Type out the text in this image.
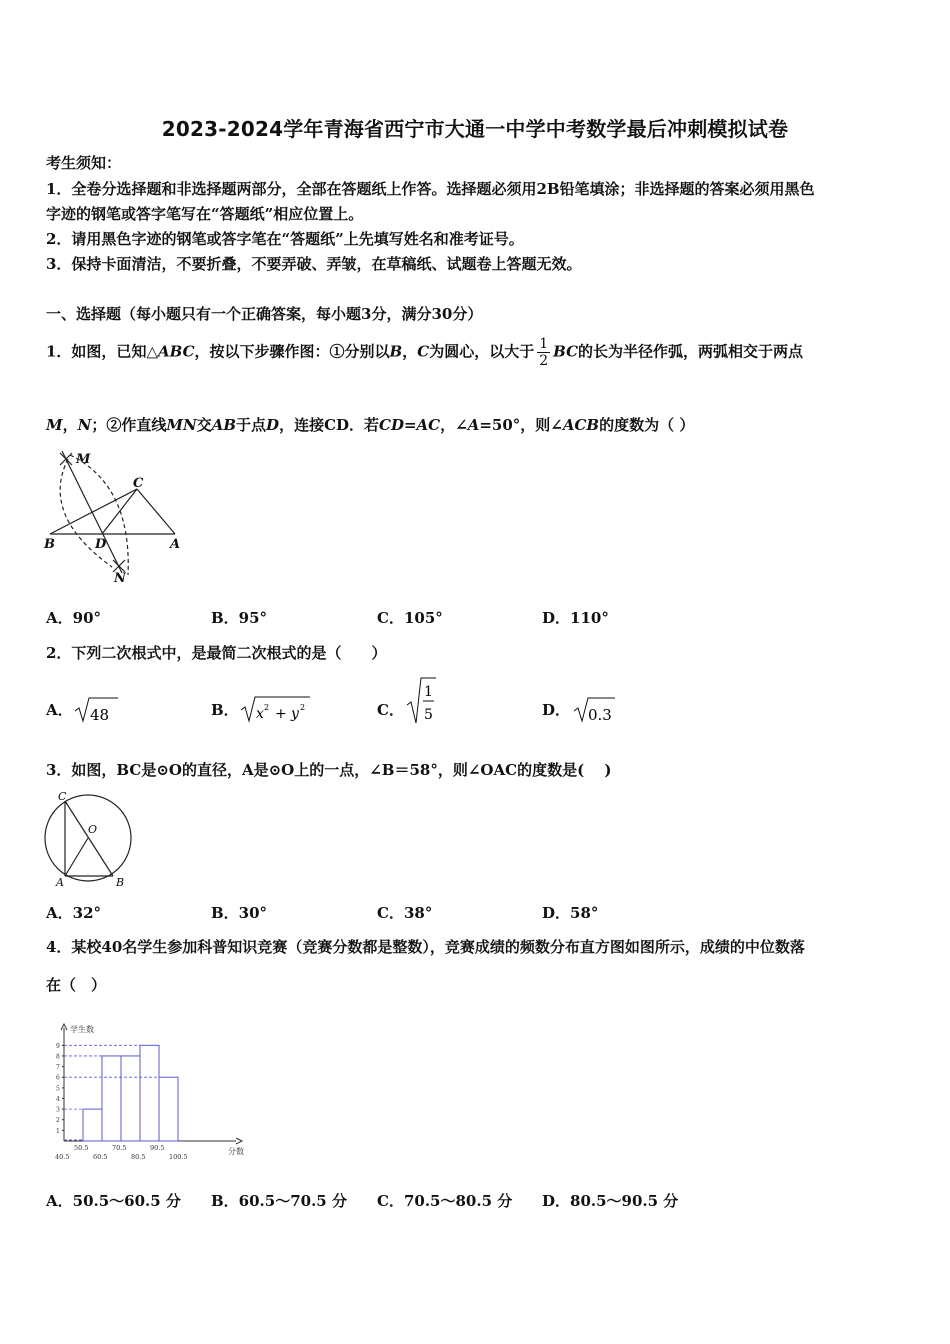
2023-2024学年青海省西宁市大通一中学中考数学最后冲刺模拟试卷
考生须知：
1．全卷分选择题和非选择题两部分，全部在答题纸上作答。选择题必须用2B铅笔填涂；非选择题的答案必须用黑色
字迹的钢笔或答字笔写在“答题纸”相应位置上。
2．请用黑色字迹的钢笔或答字笔在“答题纸”上先填写姓名和准考证号。
3．保持卡面清洁，不要折叠，不要弄破、弄皱，在草稿纸、试题卷上答题无效。
一、选择题（每小题只有一个正确答案，每小题3分，满分30分）
1．如图，已知△ABC，按以下步骤作图：①分别以B，C为圆心，以大于 $\frac{1}{2}$ BC的长为半径作弧，两弧相交于两点
M，N；②作直线MN交AB于点D，连接CD．若CD=AC，∠A=50°，则∠ACB的度数为（ ）
M
C
B	D	A
N
A．90°	B．95°	C．105°	D．110°
2．下列二次根式中，是最简二次根式的是（　　）
A． 48	B． x 2 + y 2	C．
1
5	D． 0.3
3．如图，BC是⊙O的直径，A是⊙O上的一点，∠B＝58°，则∠OAC的度数是(　 )
C
O
A	B
A．32°	B．30°	C．38°	D．58°
4．某校40名学生参加科普知识竞赛（竞赛分数都是整数），竞赛成绩的频数分布直方图如图所示，成绩的中位数落
在（　）
学生数
分数
1
2
3
4
5
6
7
8
9
40.5
50.5
60.5
70.5
80.5
90.5
100.5
A．50.5～60.5 分 B．60.5～70.5 分 C．70.5～80.5 分 D．80.5～90.5 分
